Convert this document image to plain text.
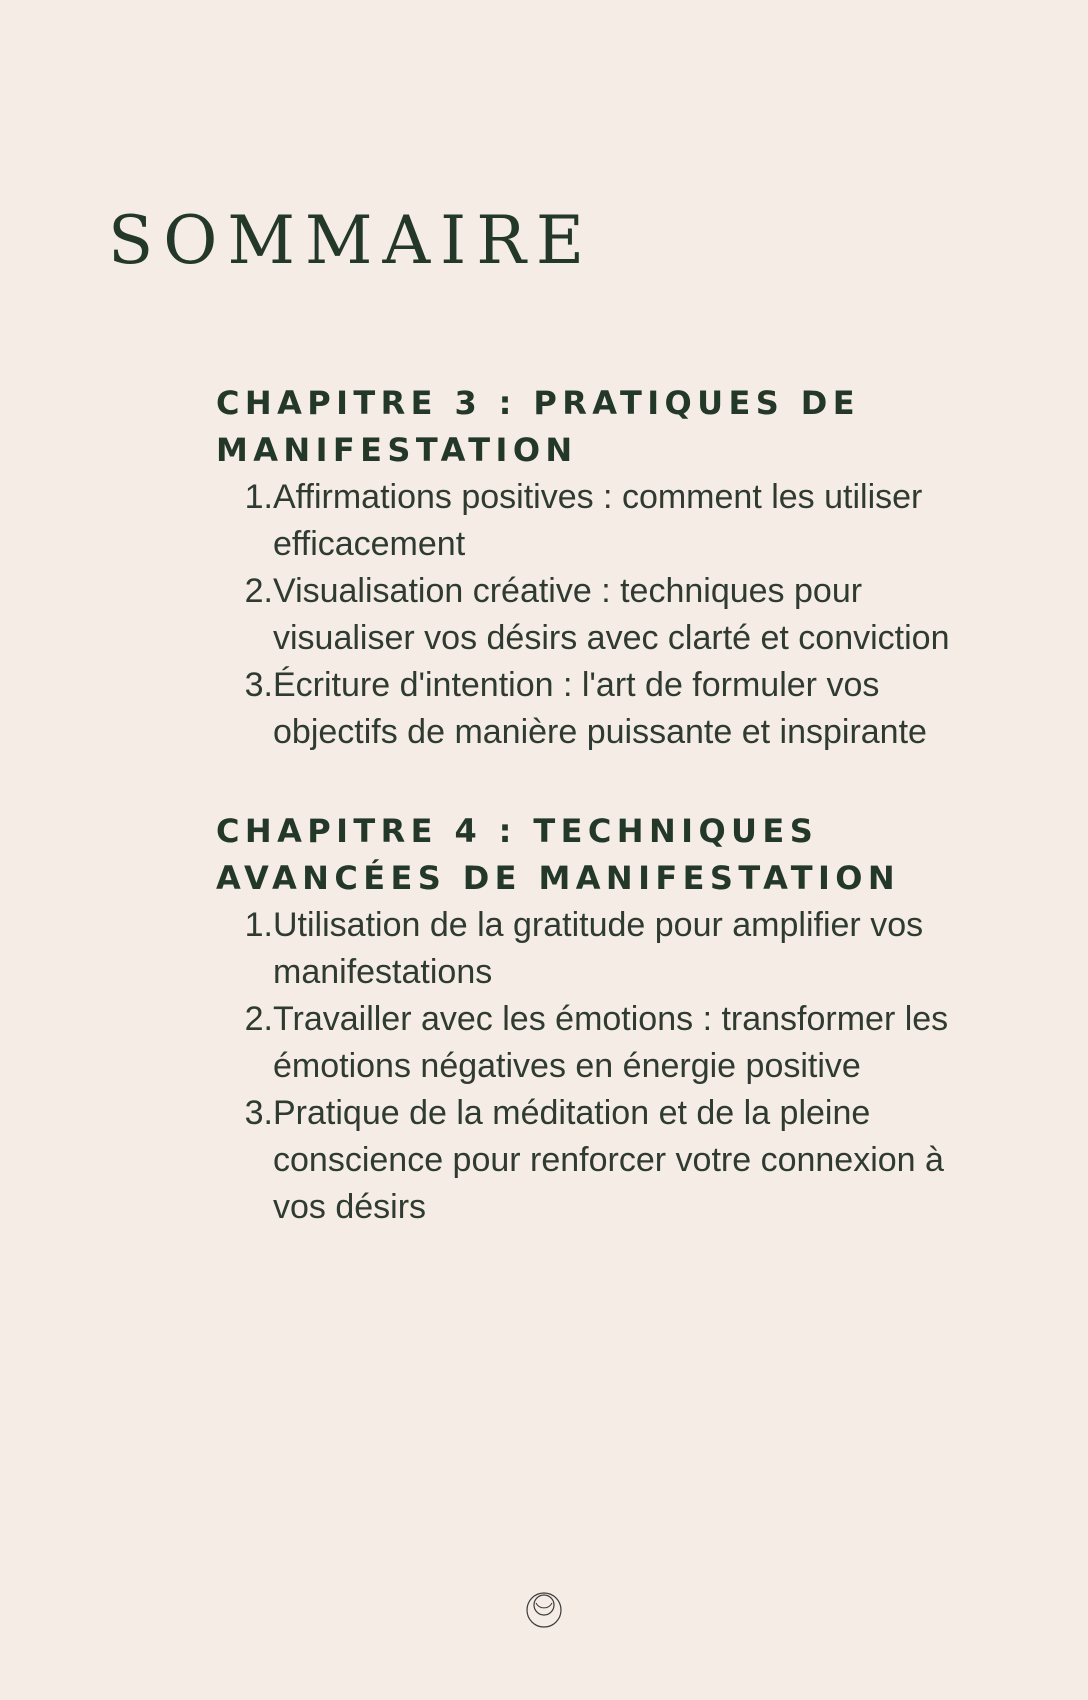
SOMMAIRE
CHAPITRE 3 : PRATIQUES DE MANIFESTATION
1. Affirmations positives : comment les utiliser efficacement
2. Visualisation créative : techniques pour visualiser vos désirs avec clarté et conviction
3. Écriture d'intention : l'art de formuler vos objectifs de manière puissante et inspirante
CHAPITRE 4 : TECHNIQUES AVANCÉES DE MANIFESTATION
1. Utilisation de la gratitude pour amplifier vos manifestations
2. Travailler avec les émotions : transformer les émotions négatives en énergie positive
3. Pratique de la méditation et de la pleine conscience pour renforcer votre connexion à vos désirs
